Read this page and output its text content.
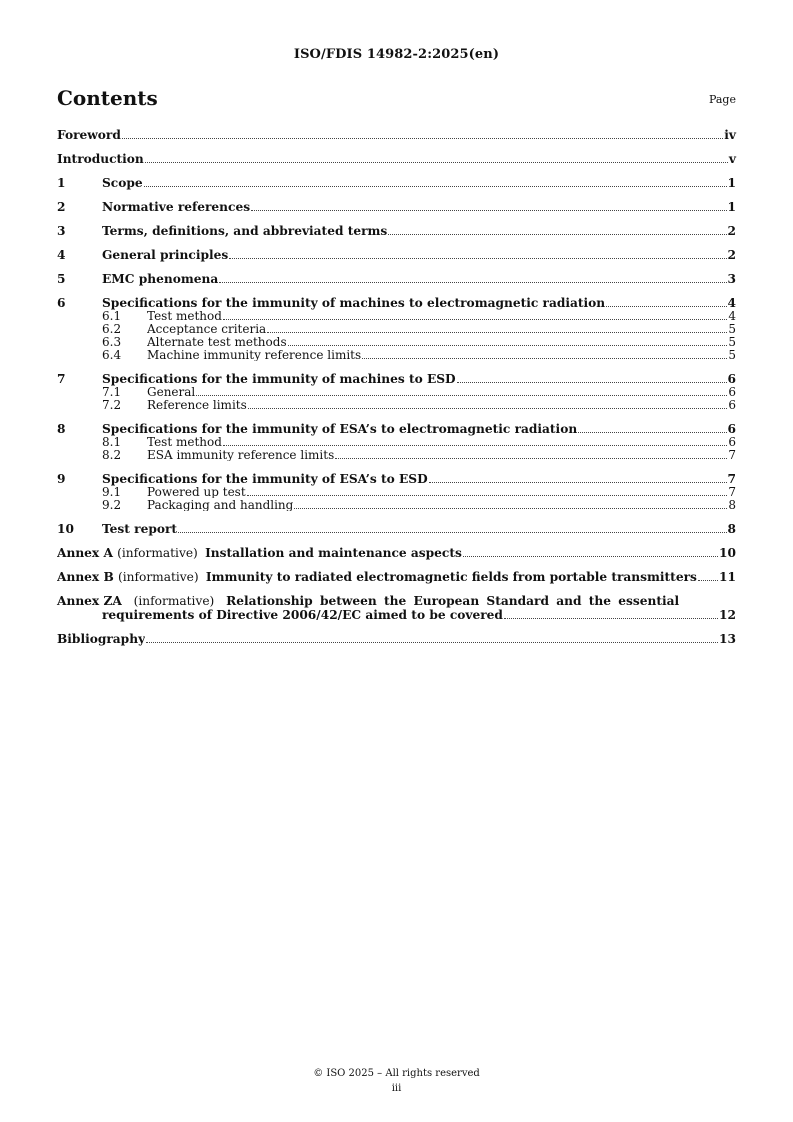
ISO/FDIS 14982-2:2025(en)
Contents	Page
Foreword	iv
Introduction	v
1	Scope	1
2	Normative references	1
3	Terms, definitions, and abbreviated terms	2
4	General principles	2
5	EMC phenomena	3
6	Specifications for the immunity of machines to electromagnetic radiation	4
6.1	Test method	4
6.2	Acceptance criteria	5
6.3	Alternate test methods	5
6.4	Machine immunity reference limits	5
7	Specifications for the immunity of machines to ESD	6
7.1	General	6
7.2	Reference limits	6
8	Specifications for the immunity of ESA’s to electromagnetic radiation	6
8.1	Test method	6
8.2	ESA immunity reference limits	7
9	Specifications for the immunity of ESA’s to ESD	7
9.1	Powered up test	7
9.2	Packaging and handling	8
10	Test report	8
Annex A (informative) Installation and maintenance aspects	10
Annex B (informative) Immunity to radiated electromagnetic fields from portable transmitters 11
Annex ZA (informative) Relationship between the European Standard and the essential
requirements of Directive 2006/42/EC aimed to be covered	12
Bibliography	13
© ISO 2025 – All rights reserved
iii
